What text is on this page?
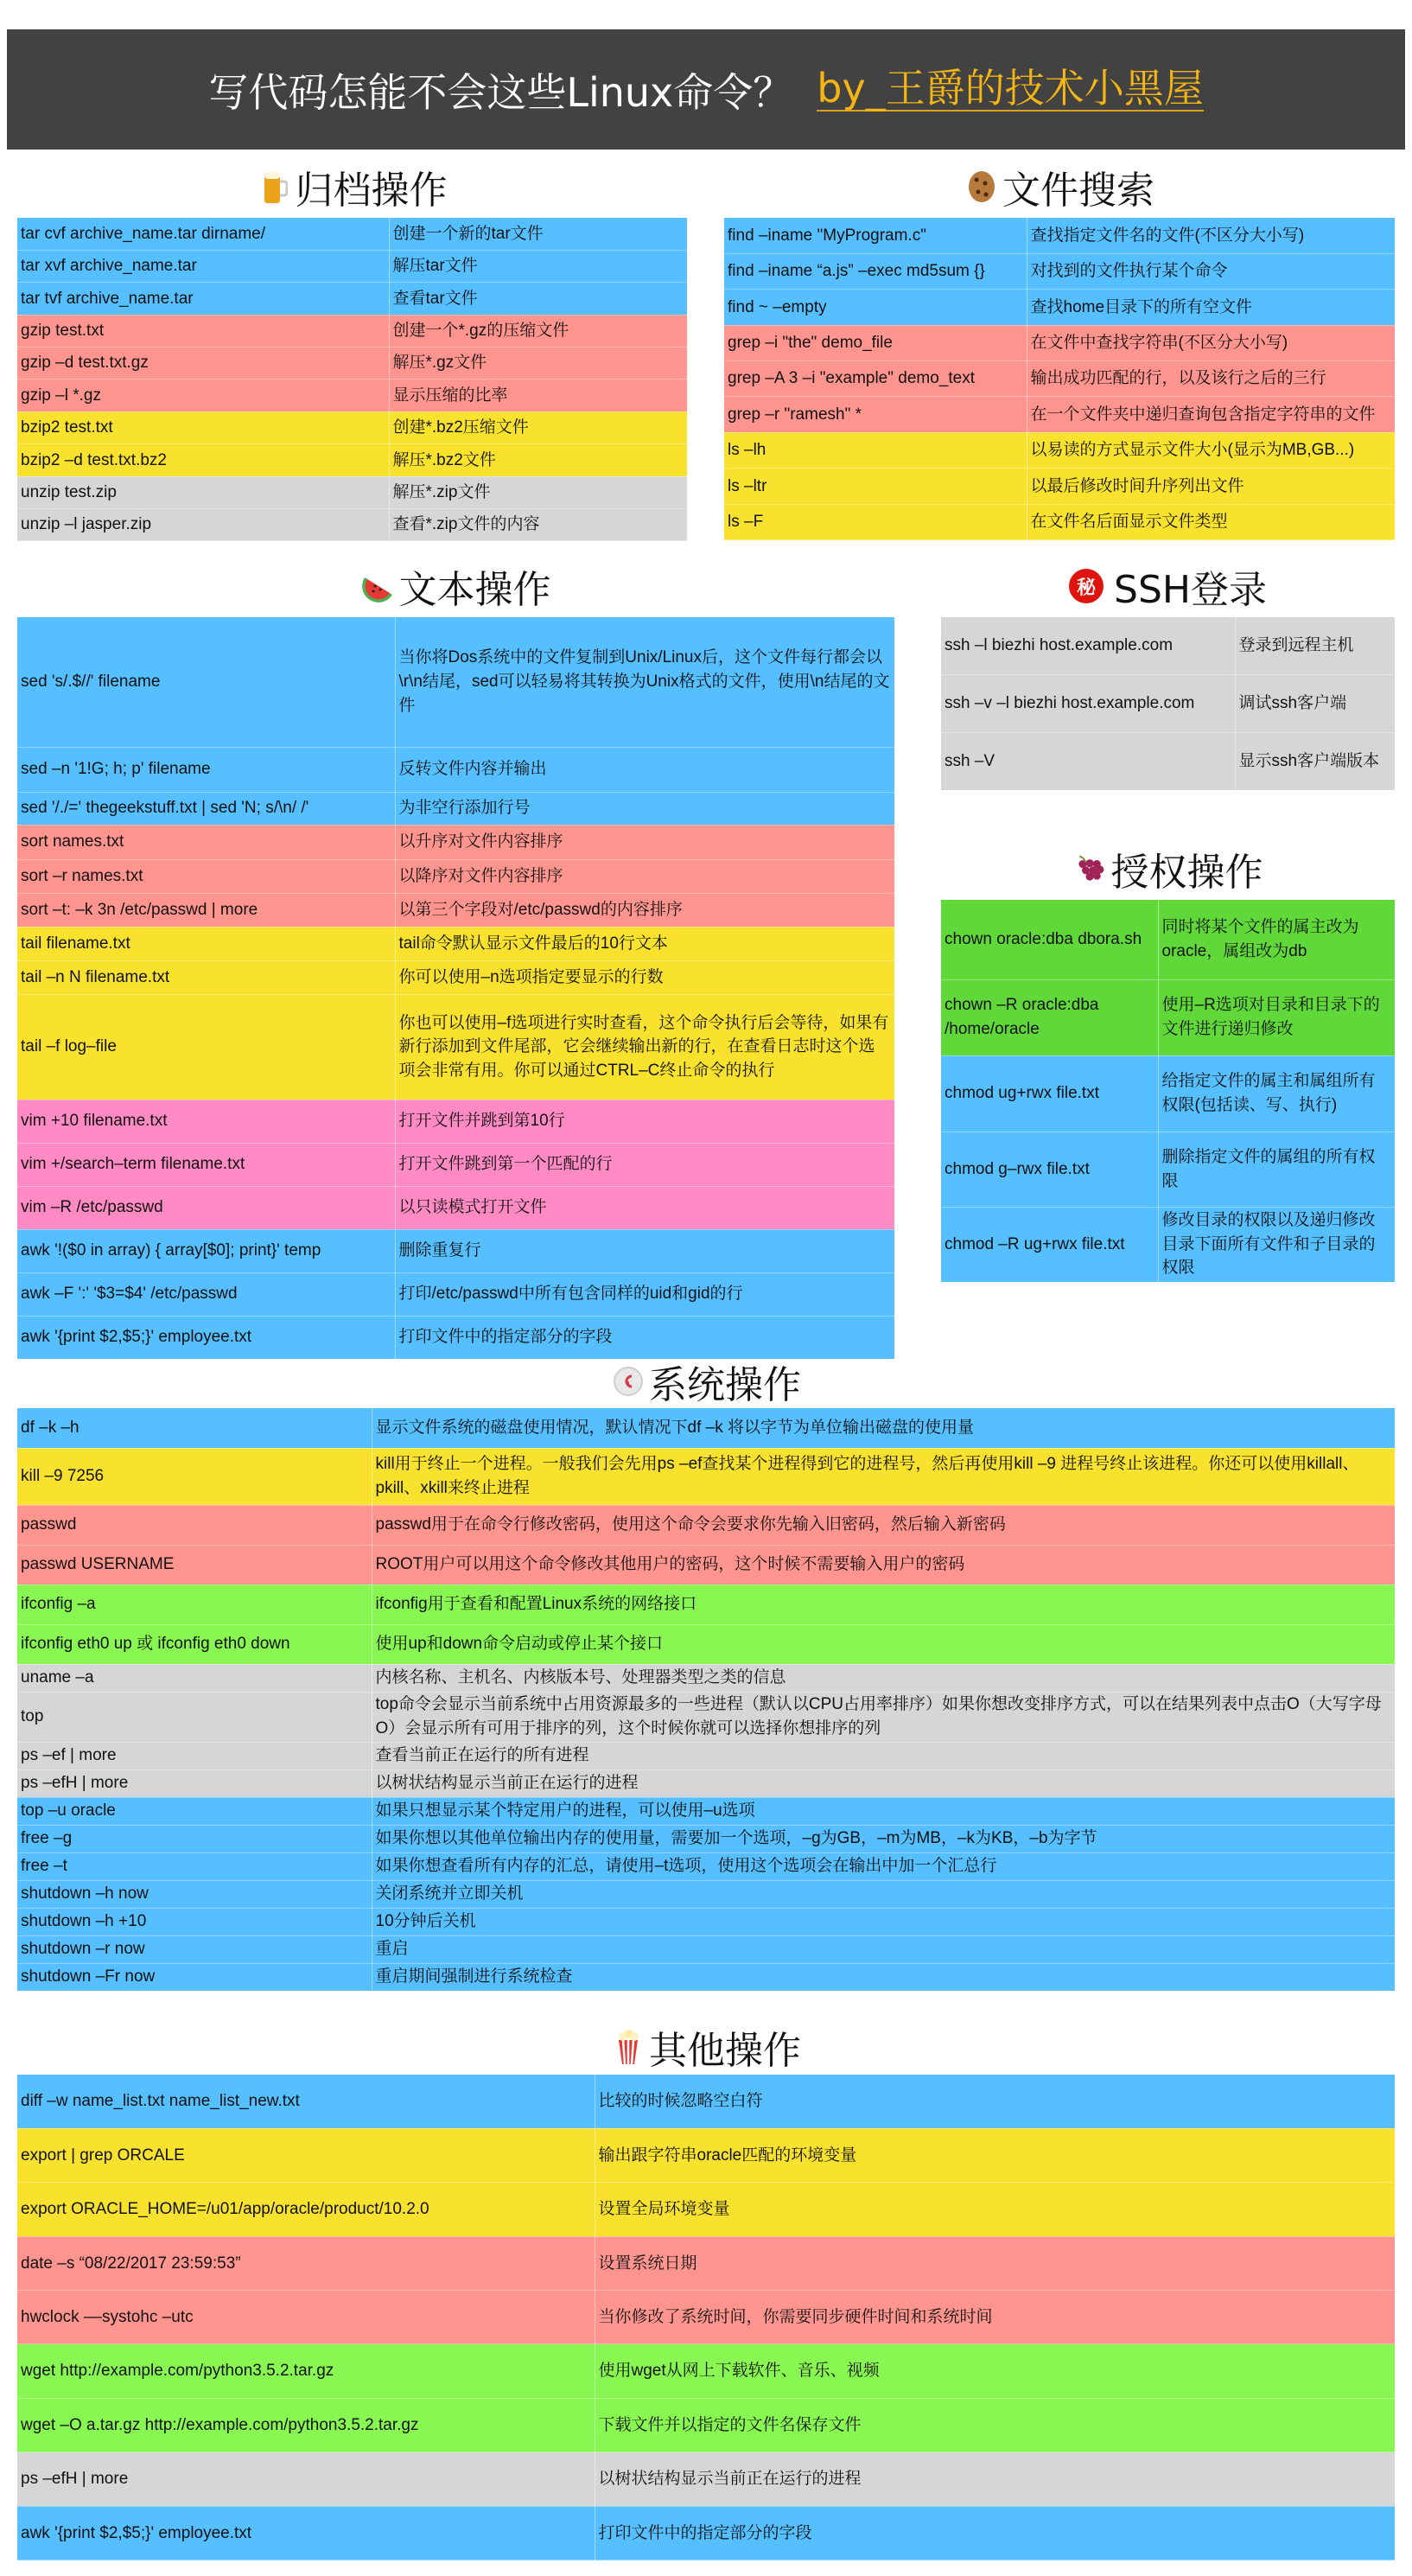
写代码怎能不会这些Linux命令？ by_王爵的技术小黑屋
归档操作
tar cvf archive_name.tar dirname/	创建一个新的tar文件
tar xvf archive_name.tar	解压tar文件
tar tvf archive_name.tar	查看tar文件
gzip test.txt	创建一个*.gz的压缩文件
gzip –d test.txt.gz	解压*.gz文件
gzip –l *.gz	显示压缩的比率
bzip2 test.txt	创建*.bz2压缩文件
bzip2 –d test.txt.bz2	解压*.bz2文件
unzip test.zip	解压*.zip文件
unzip –l jasper.zip	查看*.zip文件的内容
文件搜索
find –iname "MyProgram.c"	查找指定文件名的文件(不区分大小写)
find –iname “a.js” –exec md5sum {}	对找到的文件执行某个命令
find ~ –empty	查找home目录下的所有空文件
grep –i "the" demo_file	在文件中查找字符串(不区分大小写)
grep –A 3 –i "example" demo_text	输出成功匹配的行，以及该行之后的三行
grep –r "ramesh" *	在一个文件夹中递归查询包含指定字符串的文件
ls –lh	以易读的方式显示文件大小(显示为MB,GB...)
ls –ltr	以最后修改时间升序列出文件
ls –F	在文件名后面显示文件类型
文本操作
sed 's/.$//' filename	当你将Dos系统中的文件复制到Unix/Linux后，这个文件每行都会以\r\n结尾，sed可以轻易将其转换为Unix格式的文件，使用\n结尾的文件
sed –n '1!G; h; p' filename	反转文件内容并输出
sed '/./=' thegeekstuff.txt | sed 'N; s/\n/ /'	为非空行添加行号
sort names.txt	以升序对文件内容排序
sort –r names.txt	以降序对文件内容排序
sort –t: –k 3n /etc/passwd | more	以第三个字段对/etc/passwd的内容排序
tail filename.txt	tail命令默认显示文件最后的10行文本
tail –n N filename.txt	你可以使用–n选项指定要显示的行数
tail –f log–file	你也可以使用–f选项进行实时查看，这个命令执行后会等待，如果有新行添加到文件尾部，它会继续输出新的行，在查看日志时这个选项会非常有用。你可以通过CTRL–C终止命令的执行
vim +10 filename.txt	打开文件并跳到第10行
vim +/search–term filename.txt	打开文件跳到第一个匹配的行
vim –R /etc/passwd	以只读模式打开文件
awk '!($0 in array) { array[$0]; print}' temp	删除重复行
awk –F ':' '$3=$4' /etc/passwd	打印/etc/passwd中所有包含同样的uid和gid的行
awk '{print $2,$5;}' employee.txt	打印文件中的指定部分的字段
秘 SSH登录
ssh –l biezhi host.example.com	登录到远程主机
ssh –v –l biezhi host.example.com	调试ssh客户端
ssh –V	显示ssh客户端版本
授权操作
chown oracle:dba dbora.sh	同时将某个文件的属主改为oracle，属组改为db
chown –R oracle:dba /home/oracle	使用–R选项对目录和目录下的文件进行递归修改
chmod ug+rwx file.txt	给指定文件的属主和属组所有权限(包括读、写、执行)
chmod g–rwx file.txt	删除指定文件的属组的所有权限
chmod –R ug+rwx file.txt	修改目录的权限以及递归修改目录下面所有文件和子目录的权限
系统操作
df –k –h	显示文件系统的磁盘使用情况，默认情况下df –k 将以字节为单位输出磁盘的使用量
kill –9 7256	kill用于终止一个进程。一般我们会先用ps –ef查找某个进程得到它的进程号，然后再使用kill –9 进程号终止该进程。你还可以使用killall、pkill、xkill来终止进程
passwd	passwd用于在命令行修改密码，使用这个命令会要求你先输入旧密码，然后输入新密码
passwd USERNAME	ROOT用户可以用这个命令修改其他用户的密码，这个时候不需要输入用户的密码
ifconfig –a	ifconfig用于查看和配置Linux系统的网络接口
ifconfig eth0 up 或 ifconfig eth0 down	使用up和down命令启动或停止某个接口
uname –a	内核名称、主机名、内核版本号、处理器类型之类的信息
top	top命令会显示当前系统中占用资源最多的一些进程（默认以CPU占用率排序）如果你想改变排序方式，可以在结果列表中点击O（大写字母O）会显示所有可用于排序的列，这个时候你就可以选择你想排序的列
ps –ef | more	查看当前正在运行的所有进程
ps –efH | more	以树状结构显示当前正在运行的进程
top –u oracle	如果只想显示某个特定用户的进程，可以使用–u选项
free –g	如果你想以其他单位输出内存的使用量，需要加一个选项，–g为GB，–m为MB，–k为KB，–b为字节
free –t	如果你想查看所有内存的汇总，请使用–t选项，使用这个选项会在输出中加一个汇总行
shutdown –h now	关闭系统并立即关机
shutdown –h +10	10分钟后关机
shutdown –r now	重启
shutdown –Fr now	重启期间强制进行系统检查
其他操作
diff –w name_list.txt name_list_new.txt	比较的时候忽略空白符
export | grep ORCALE	输出跟字符串oracle匹配的环境变量
export ORACLE_HOME=/u01/app/oracle/product/10.2.0	设置全局环境变量
date –s “08/22/2017 23:59:53”	设置系统日期
hwclock ––systohc –utc	当你修改了系统时间，你需要同步硬件时间和系统时间
wget http://example.com/python3.5.2.tar.gz	使用wget从网上下载软件、音乐、视频
wget –O a.tar.gz http://example.com/python3.5.2.tar.gz	下载文件并以指定的文件名保存文件
ps –efH | more	以树状结构显示当前正在运行的进程
awk '{print $2,$5;}' employee.txt	打印文件中的指定部分的字段
